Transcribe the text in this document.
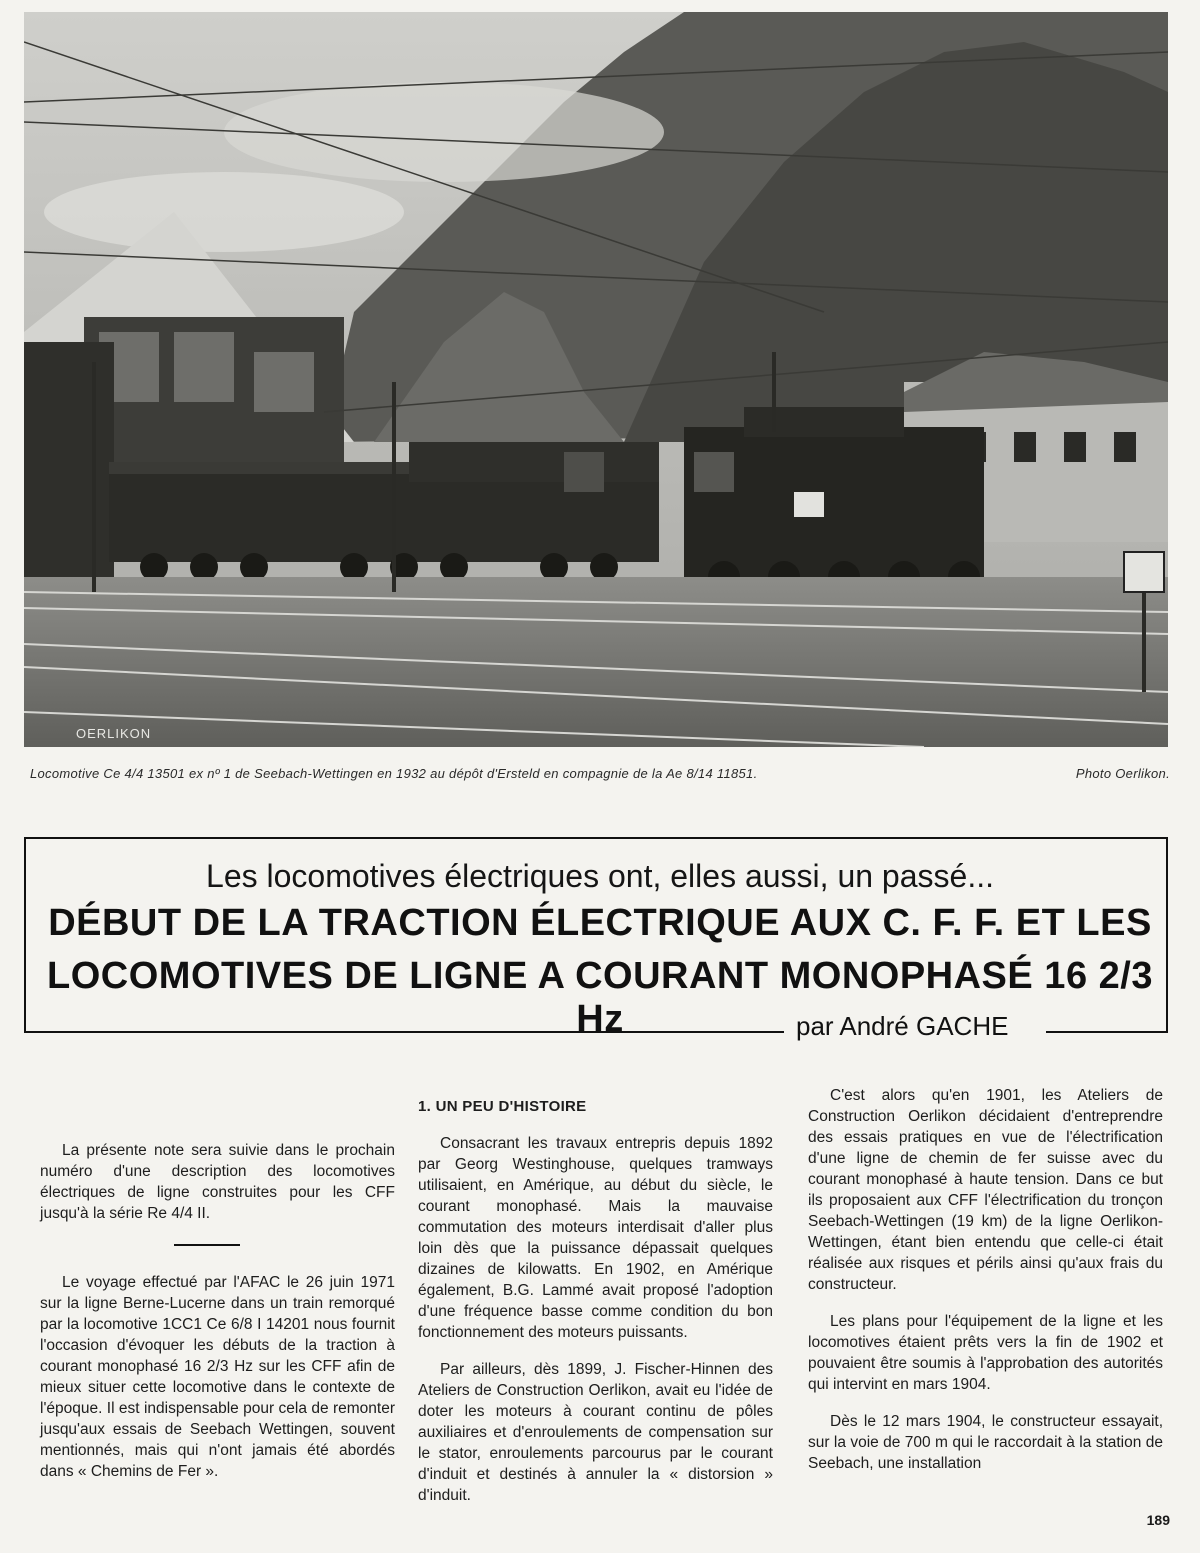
OERLIKON
Locomotive Ce 4/4 13501 ex nº 1 de Seebach-Wettingen en 1932 au dépôt d'Ersteld en compagnie de la Ae 8/14 11851.	Photo Oerlikon.
Les locomotives électriques ont, elles aussi, un passé...
DÉBUT DE LA TRACTION ÉLECTRIQUE AUX C. F. F. ET LES
LOCOMOTIVES DE LIGNE A COURANT MONOPHASÉ 16 2/3 Hz	par André GACHE

La présente note sera suivie dans le prochain numéro d'une description des locomotives électriques de ligne construites pour les CFF jusqu'à la série Re 4/4 II.

Le voyage effectué par l'AFAC le 26 juin 1971 sur la ligne Berne-Lucerne dans un train remorqué par la locomotive 1CC1 Ce 6/8 I 14201 nous fournit l'occasion d'évoquer les débuts de la traction à courant monophasé 16 2/3 Hz sur les CFF afin de mieux situer cette locomotive dans le contexte de l'époque. Il est indispensable pour cela de remonter jusqu'aux essais de Seebach Wettingen, souvent mentionnés, mais qui n'ont jamais été abordés dans « Chemins de Fer ».

1. UN PEU D'HISTOIRE

Consacrant les travaux entrepris depuis 1892 par Georg Westinghouse, quelques tramways utilisaient, en Amérique, au début du siècle, le courant monophasé. Mais la mauvaise commutation des moteurs interdisait d'aller plus loin dès que la puissance dépassait quelques dizaines de kilowatts. En 1902, en Amérique également, B.G. Lammé avait proposé l'adoption d'une fréquence basse comme condition du bon fonctionnement des moteurs puissants.

Par ailleurs, dès 1899, J. Fischer-Hinnen des Ateliers de Construction Oerlikon, avait eu l'idée de doter les moteurs à courant continu de pôles auxiliaires et d'enroulements de compensation sur le stator, enroulements parcourus par le courant d'induit et destinés à annuler la « distorsion » d'induit.

C'est alors qu'en 1901, les Ateliers de Construction Oerlikon décidaient d'entreprendre des essais pratiques en vue de l'électrification d'une ligne de chemin de fer suisse avec du courant monophasé à haute tension. Dans ce but ils proposaient aux CFF l'électrification du tronçon Seebach-Wettingen (19 km) de la ligne Oerlikon-Wettingen, étant bien entendu que celle-ci était réalisée aux risques et périls ainsi qu'aux frais du constructeur.

Les plans pour l'équipement de la ligne et les locomotives étaient prêts vers la fin de 1902 et pouvaient être soumis à l'approbation des autorités qui intervint en mars 1904.

Dès le 12 mars 1904, le constructeur essayait, sur la voie de 700 m qui le raccordait à la station de Seebach, une installation

189
